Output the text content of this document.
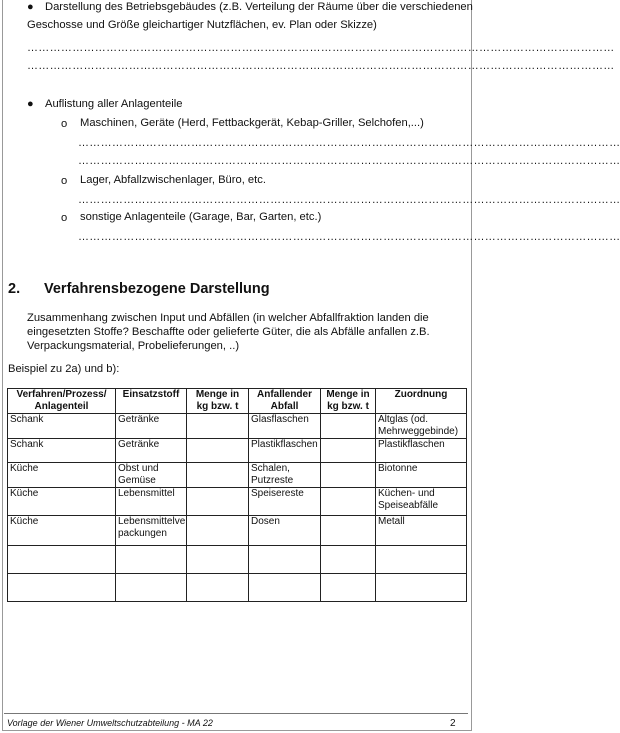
● Darstellung des Betriebsgebäudes (z.B. Verteilung der Räume über die verschiedenen
Geschosse und Größe gleichartiger Nutzflächen, ev. Plan oder Skizze)
…………………………………………………………………………………………………………………………………………
…………………………………………………………………………………………………………………………………………
● Auflistung aller Anlagenteile
o Maschinen, Geräte (Herd, Fettbackgerät, Kebap-Griller, Selchofen,...)
………………………………………………………………………………………………………………………………
………………………………………………………………………………………………………………………………
o Lager, Abfallzwischenlager, Büro, etc.
………………………………………………………………………………………………………………………………
o sonstige Anlagenteile (Garage, Bar, Garten, etc.)
………………………………………………………………………………………………………………………………
2. Verfahrensbezogene Darstellung
Zusammenhang zwischen Input und Abfällen (in welcher Abfallfraktion landen die
eingesetzten Stoffe? Beschaffte oder gelieferte Güter, die als Abfälle anfallen z.B.
Verpackungsmaterial, Probelieferungen, ..)
Beispiel zu 2a) und b):
Verfahren/Prozess/
Anlagenteil	Einsatzstoff	Menge in
kg bzw. t	Anfallender
Abfall	Menge in
kg bzw. t	Zuordnung

Schank	Getränke		Glasflaschen		Altglas (od.
Mehrweggebinde)
Schank	Getränke		Plastikflaschen		Plastikflaschen

Küche	Obst und
Gemüse		Schalen,
Putzreste		Biotonne

Küche	Lebensmittel		Speisereste		Küchen- und
Speiseabfälle
Küche	Lebensmittelve
packungen		Dosen		Metall

Vorlage der Wiener Umweltschutzabteilung - MA 22	2
